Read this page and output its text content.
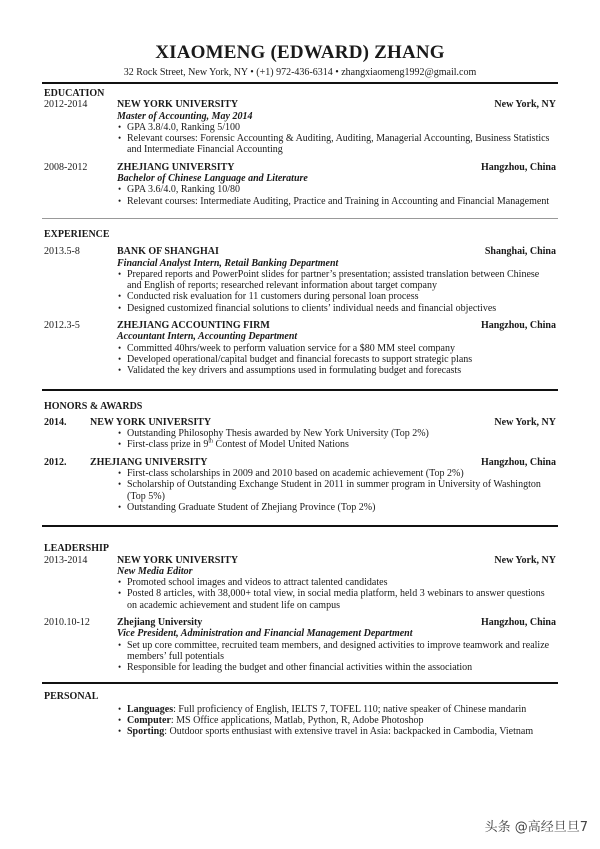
XIAOMENG (EDWARD) ZHANG
32 Rock Street, New York, NY • (+1) 972-436-6314 • zhangxiaomeng1992@gmail.com
EDUCATION
2012-2014	NEW YORK UNIVERSITY	New York, NY
Master of Accounting, May 2014
• GPA 3.8/4.0, Ranking 5/100
• Relevant courses: Forensic Accounting & Auditing, Auditing, Managerial Accounting, Business Statistics and Intermediate Financial Accounting
2008-2012	ZHEJIANG UNIVERSITY	Hangzhou, China
Bachelor of Chinese Language and Literature
• GPA 3.6/4.0, Ranking 10/80
• Relevant courses: Intermediate Auditing, Practice and Training in Accounting and Financial Management
EXPERIENCE
2013.5-8	BANK OF SHANGHAI	Shanghai, China
Financial Analyst Intern, Retail Banking Department
• Prepared reports and PowerPoint slides for partner’s presentation; assisted translation between Chinese and English of reports; researched relevant information about target company
• Conducted risk evaluation for 11 customers during personal loan process
• Designed customized financial solutions to clients’ individual needs and financial objectives
2012.3-5	ZHEJIANG ACCOUNTING FIRM	Hangzhou, China
Accountant Intern, Accounting Department
• Committed 40hrs/week to perform valuation service for a $80 MM steel company
• Developed operational/capital budget and financial forecasts to support strategic plans
• Validated the key drivers and assumptions used in formulating budget and forecasts
HONORS & AWARDS
2014. NEW YORK UNIVERSITY	New York, NY
• Outstanding Philosophy Thesis awarded by New York University (Top 2%)
• First-class prize in 9th Contest of Model United Nations
2012. ZHEJIANG UNIVERSITY	Hangzhou, China
• First-class scholarships in 2009 and 2010 based on academic achievement (Top 2%)
• Scholarship of Outstanding Exchange Student in 2011 in summer program in University of Washington (Top 5%)
• Outstanding Graduate Student of Zhejiang Province (Top 2%)
LEADERSHIP
2013-2014	NEW YORK UNIVERSITY	New York, NY
New Media Editor
• Promoted school images and videos to attract talented candidates
• Posted 8 articles, with 38,000+ total view, in social media platform, held 3 webinars to answer questions on academic achievement and student life on campus
2010.10-12	Zhejiang University	Hangzhou, China
Vice President, Administration and Financial Management Department
• Set up core committee, recruited team members, and designed activities to improve teamwork and realize members’ full potentials
• Responsible for leading the budget and other financial activities within the association
PERSONAL
• Languages: Full proficiency of English, IELTS 7, TOFEL 110; native speaker of Chinese mandarin
• Computer: MS Office applications, Matlab, Python, R, Adobe Photoshop
• Sporting: Outdoor sports enthusiast with extensive travel in Asia: backpacked in Cambodia, Vietnam
头条 @高经旦旦7
